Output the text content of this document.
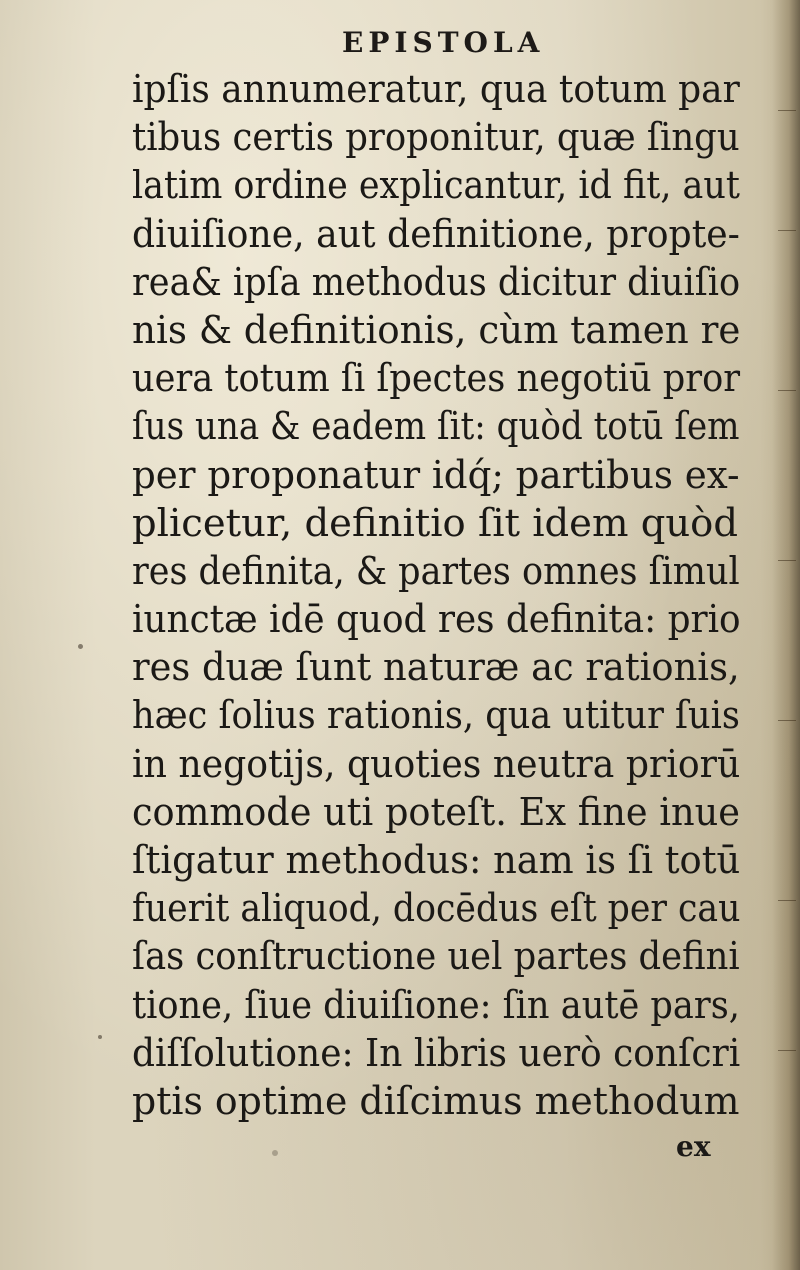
EPISTOLA
ipſis annumeratur, qua totum par
tibus certis proponitur, quæ ſingu
latim ordine explicantur, id fit, aut
diuiſione, aut definitione, propte-
rea& ipſa methodus dicitur diuiſio
nis & definitionis, cùm tamen re
uera totum ſi ſpectes negotiū pror
ſus una & eadem ſit: quòd totū ſem
per proponatur idq́; partibus ex-
plicetur, definitio ſit idem quòd
res definita, & partes omnes ſimul
iunctæ idē quod res definita: prio
res duæ ſunt naturæ ac rationis,
hæc ſolius rationis, qua utitur ſuis
in negotijs, quoties neutra priorū
commode uti poteſt. Ex fine inue
ſtigatur methodus: nam is ſi totū
fuerit aliquod, docēdus eſt per cau
ſas conſtructione uel partes defini
tione, ſiue diuiſione: ſin autē pars,
diſſolutione: In libris uerò conſcri
ptis optime diſcimus methodum
ex
